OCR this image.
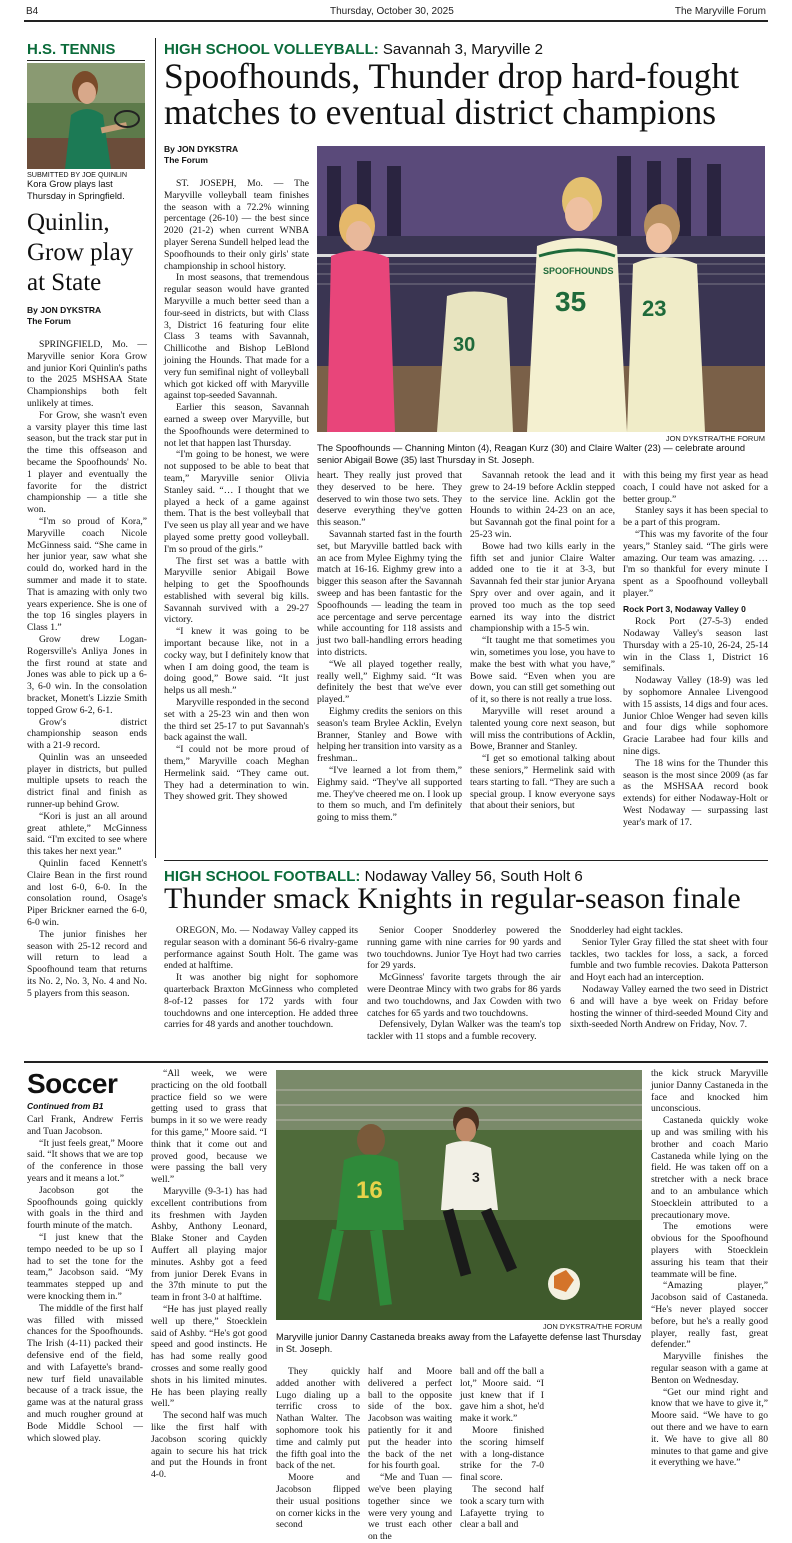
B4	Thursday, October 30, 2025	The Maryville Forum
H.S. TENNIS
SUBMITTED BY JOE QUINLIN
Kora Grow plays last Thursday in Springfield.
Quinlin, Grow play at State
By JON DYKSTRA
The Forum

SPRINGFIELD, Mo. — Maryville senior Kora Grow and junior Kori Quinlin's paths to the 2025 MSHSAA State Championships both felt unlikely at times.

For Grow, she wasn't even a varsity player this time last season, but the track star put in the time this offseason and became the Spoofhounds' No. 1 player and eventually the favorite for the district championship — a title she won.

“I'm so proud of Kora,” Maryville coach Nicole McGinness said. “She came in her junior year, saw what she could do, worked hard in the summer and made it to state. That is amazing with only two years experience. She is one of the top 16 singles players in Class 1.”

Grow drew Logan-Rogersville's Anliya Jones in the first round at state and Jones was able to pick up a 6-3, 6-0 win. In the consolation bracket, Monett's Lizzie Smith topped Grow 6-2, 6-1.

Grow's district championship season ends with a 21-9 record.

Quinlin was an unseeded player in districts, but pulled multiple upsets to reach the district final and finish as runner-up behind Grow.

“Kori is just an all around great athlete,” McGinness said. “I'm excited to see where this takes her next year.”

Quinlin faced Kennett's Claire Bean in the first round and lost 6-0, 6-0. In the consolation round, Osage's Piper Brickner earned the 6-0, 6-0 win.

The junior finishes her season with 25-12 record and will return to lead a Spoofhound team that returns its No. 2, No. 3, No. 4 and No. 5 players from this season.

HIGH SCHOOL VOLLEYBALL: Savannah 3, Maryville 2
Spoofhounds, Thunder drop hard-fought matches to eventual district champions
By JON DYKSTRA
The Forum
35
SPOOFHOUNDS
23
30
JON DYKSTRA/THE FORUM
The Spoofhounds — Channing Minton (4), Reagan Kurz (30) and Claire Walter (23) — celebrate around senior Abigail Bowe (35) last Thursday in St. Joseph.

ST. JOSEPH, Mo. — The Maryville volleyball team finishes the season with a 72.2% winning percentage (26-10) — the best since 2020 (21-2) when current WNBA player Serena Sundell helped lead the Spoofhounds to their only girls' state championship in school history.

In most seasons, that tremendous regular season would have granted Maryville a much better seed than a four-seed in districts, but with Class 3, District 16 featuring four elite Class 3 teams with Savannah, Chillicothe and Bishop LeBlond joining the Hounds. That made for a very fun semifinal night of volleyball which got kicked off with Maryville against top-seeded Savannah.

Earlier this season, Savannah earned a sweep over Maryville, but the Spoofhounds were determined to not let that happen last Thursday.

“I'm going to be honest, we were not supposed to be able to beat that team,” Maryville senior Olivia Stanley said. “… I thought that we played a heck of a game against them. That is the best volleyball that I've seen us play all year and we have played some pretty good volleyball. I'm so proud of the girls.”

The first set was a battle with Maryville senior Abigail Bowe helping to get the Spoofhounds established with several big kills. Savannah survived with a 29-27 victory.

“I knew it was going to be important because like, not in a cocky way, but I definitely know that when I am doing good, the team is doing good,” Bowe said. “It just helps us all mesh.”

Maryville responded in the second set with a 25-23 win and then won the third set 25-17 to put Savannah's back against the wall.

“I could not be more proud of them,” Maryville coach Meghan Hermelink said. “They came out. They had a determination to win. They showed grit. They showed

heart. They really just proved that they deserved to be here. They deserved to win those two sets. They deserve everything they've gotten this season.”

Savannah started fast in the fourth set, but Maryville battled back with an ace from Mylee Eighmy tying the match at 16-16. Eighmy grew into a bigger this season after the Savannah sweep and has been fantastic for the Spoofhounds — leading the team in ace percentage and serve percentage while accounting for 118 assists and just two ball-handling errors heading into districts.

“We all played together really, really well,” Eighmy said. “It was definitely the best that we've ever played.”

Eighmy credits the seniors on this season's team Brylee Acklin, Evelyn Branner, Stanley and Bowe with helping her transition into varsity as a freshman..

“I've learned a lot from them,” Eighmy said. “They've all supported me. They've cheered me on. I look up to them so much, and I'm definitely going to miss them.”

Savannah retook the lead and it grew to 24-19 before Acklin stepped to the service line. Acklin got the Hounds to within 24-23 on an ace, but Savannah got the final point for a 25-23 win.

Bowe had two kills early in the fifth set and junior Claire Walter added one to tie it at 3-3, but Savannah fed their star junior Aryana Spry over and over again, and it proved too much as the top seed earned its way into the district championship with a 15-5 win.

“It taught me that sometimes you win, sometimes you lose, you have to make the best with what you have,” Bowe said. “Even when you are down, you can still get something out of it, so there is not really a true loss.

Maryville will reset around a talented young core next season, but will miss the contributions of Acklin, Bowe, Branner and Stanley.

“I get so emotional talking about these seniors,” Hermelink said with tears starting to fall. “They are such a special group. I know everyone says that about their seniors, but

with this being my first year as head coach, I could have not asked for a better group.”

Stanley says it has been special to be a part of this program.

“This was my favorite of the four years,” Stanley said. “The girls were amazing. Our team was amazing. … I'm so thankful for every minute I spent as a Spoofhound volleyball player.”

Rock Port 3, Nodaway Valley 0

Rock Port (27-5-3) ended Nodaway Valley's season last Thursday with a 25-10, 26-24, 25-14 win in the Class 1, District 16 semifinals.

Nodaway Valley (18-9) was led by sophomore Annalee Livengood with 15 assists, 14 digs and four aces. Junior Chloe Wenger had seven kills and four digs while sophomore Gracie Larabee had four kills and nine digs.

The 18 wins for the Thunder this season is the most since 2009 (as far as the MSHSAA record book extends) for either Nodaway-Holt or West Nodaway — surpassing last year's mark of 17.

HIGH SCHOOL FOOTBALL: Nodaway Valley 56, South Holt 6
Thunder smack Knights in regular-season finale

OREGON, Mo. — Nodaway Valley capped its regular season with a dominant 56-6 rivalry-game performance against South Holt. The game was ended at halftime.

It was another big night for sophomore quarterback Braxton McGinness who completed 8-of-12 passes for 172 yards with four touchdowns and one interception. He added three carries for 48 yards and another touchdown.

Senior Cooper Snodderley powered the running game with nine carries for 90 yards and two touchdowns. Junior Tye Hoyt had two carries for 29 yards.

McGinness' favorite targets through the air were Deontrae Mincy with two grabs for 86 yards and two touchdowns, and Jax Cowden with two catches for 65 yards and two touchdowns.

Defensively, Dylan Walker was the team's top tackler with 11 stops and a fumble recovery.

Snodderley had eight tackles.

Senior Tyler Gray filled the stat sheet with four tackles, two tackles for loss, a sack, a forced fumble and two fumble recovies. Dakota Patterson and Hoyt each had an interception.

Nodaway Valley earned the two seed in District 6 and will have a bye week on Friday before hosting the winner of third-seeded Mound City and sixth-seeded North Andrew on Friday, Nov. 7.

Soccer
Continued from B1

Carl Frank, Andrew Ferris and Tuan Jacobson.

“It just feels great,” Moore said. “It shows that we are top of the conference in those years and it means a lot.”

Jacobson got the Spoofhounds going quickly with goals in the third and fourth minute of the match.

“I just knew that the tempo needed to be up so I had to set the tone for the team,” Jacobson said. “My teammates stepped up and were knocking them in.”

The middle of the first half was filled with missed chances for the Spoofhounds. The Irish (4-11) packed their defensive end of the field, and with Lafayette's brand-new turf field unavailable because of a track issue, the game was at the natural grass and much rougher ground at Bode Middle School — which slowed play.

“All week, we were practicing on the old football practice field so we were getting used to grass that bumps in it so we were ready for this game,” Moore said. “I think that it come out and proved good, because we were passing the ball very well.”

Maryville (9-3-1) has had excellent contributions from its freshmen with Jayden Ashby, Anthony Leonard, Blake Stoner and Cayden Auffert all playing major minutes. Ashby got a feed from junior Derek Evans in the 37th minute to put the team in front 3-0 at halftime.

“He has just played really well up there,” Stoecklein said of Ashby. “He's got good speed and good instincts. He has had some really good crosses and some really good shots in his limited minutes. He has been playing really well.”

The second half was much like the first half with Jacobson scoring quickly again to secure his hat trick and put the Hounds in front 4-0.

16	3
JON DYKSTRA/THE FORUM
Maryville junior Danny Castaneda breaks away from the Lafayette defense last Thursday in St. Joseph.

They quickly added another with Lugo dialing up a terrific cross to Nathan Walter. The sophomore took his time and calmly put the fifth goal into the back of the net.

Moore and Jacobson flipped their usual positions on corner kicks in the second

half and Moore delivered a perfect ball to the opposite side of the box. Jacobson was waiting patiently for it and put the header into the back of the net for his fourth goal.

“Me and Tuan — we've been playing together since we were very young and we trust each other on the

ball and off the ball a lot,” Moore said. “I just knew that if I gave him a shot, he'd make it work.”

Moore finished the scoring himself with a long-distance strike for the 7-0 final score.

The second half took a scary turn with Lafayette trying to clear a ball and

the kick struck Maryville junior Danny Castaneda in the face and knocked him unconscious.

Castaneda quickly woke up and was smiling with his brother and coach Mario Castaneda while lying on the field. He was taken off on a stretcher with a neck brace and to an ambulance which Stoecklein attributed to a precautionary move.

The emotions were obvious for the Spoofhound players with Stoecklein assuring his team that their teammate will be fine.

“Amazing player,” Jacobson said of Castaneda. “He's never played soccer before, but he's a really good player, really fast, great defender.”

Maryville finishes the regular season with a game at Benton on Wednesday.

“Get our mind right and know that we have to give it,” Moore said. “We have to go out there and we have to earn it. We have to give all 80 minutes to that game and give it everything we have.”
